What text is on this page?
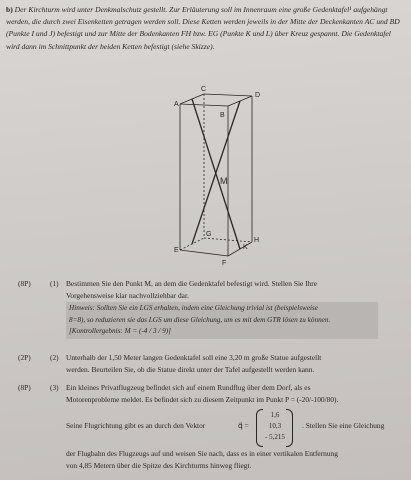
b) Der Kirchturm wird unter Denkmalschutz gestellt. Zur Erläuterung soll im Innenraum eine große Gedenktafel¹ aufgehängt werden, die durch zwei Eisenketten getragen werden soll. Diese Ketten werden jeweils in der Mitte der Deckenkanten AC und BD (Punkte I und J) befestigt und zur Mitte der Bodenkanten FH bzw. EG (Punkte K und L) über Kreuz gespannt. Die Gedenktafel wird dann im Schnittpunkt der beiden Ketten befestigt (siehe Skizze).
A
C
D
B
M
G
H
K
E
F
(8P)	(1) Bestimmen Sie den Punkt M, an dem die Gedenktafel befestigt wird. Stellen Sie Ihre
Vorgehensweise klar nachvollziehbar dar.
Hinweis: Sollten Sie ein LGS erhalten, indem eine Gleichung trivial ist (beispielsweise
8=8), so reduzieren sie das LGS um diese Gleichung, um es mit dem GTR lösen zu können.
[Kontrollergebnis: M = (-4 / 3 / 9)]
(2P)	(2) Unterhalb der 1,50 Meter langen Gedenktafel soll eine 3,20 m große Statue aufgestellt
werden. Beurteilen Sie, ob die Statue direkt unter der Tafel aufgestellt werden kann.
(8P)	(3) Ein kleines Privatflugzeug befindet sich auf einem Rundflug über dem Dorf, als es
Motorenprobleme meldet. Es befindet sich zu diesem Zeitpunkt im Punkt P = (-20/-100/80).
Seine Flugrichtung gibt es an durch den Vektor	q⃗ =
1,6
10,3
- 5,215
. Stellen Sie eine Gleichung
der Flugbahn des Flugzeugs auf und weisen Sie nach, dass es in einer vertikalen Entfernung
von 4,85 Metern über die Spitze des Kirchturms hinweg fliegt.
